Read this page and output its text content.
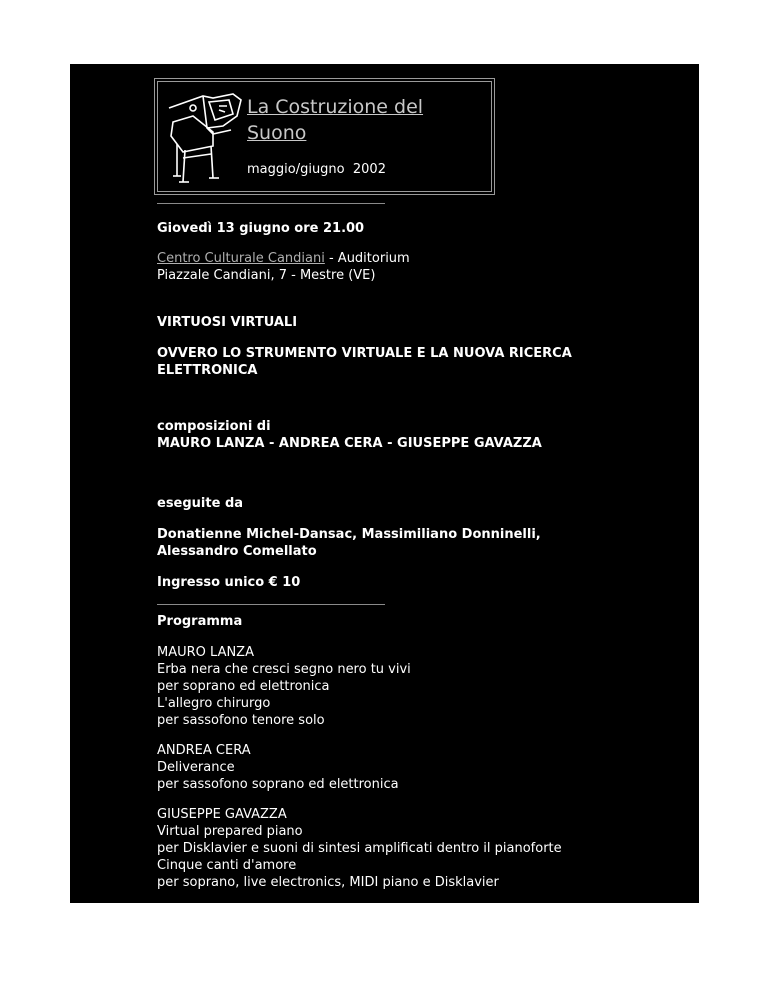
La Costruzione del
Suono
maggio/giugno  2002
Giovedì 13 giugno ore 21.00
Centro Culturale Candiani - Auditorium
Piazzale Candiani, 7 - Mestre (VE)
VIRTUOSI VIRTUALI
OVVERO LO STRUMENTO VIRTUALE E LA NUOVA RICERCA
ELETTRONICA
composizioni di
MAURO LANZA - ANDREA CERA - GIUSEPPE GAVAZZA
eseguite da
Donatienne Michel-Dansac, Massimiliano Donninelli,
Alessandro Comellato
Ingresso unico € 10
Programma
MAURO LANZA
Erba nera che cresci segno nero tu vivi
per soprano ed elettronica
L'allegro chirurgo
per sassofono tenore solo
ANDREA CERA
Deliverance
per sassofono soprano ed elettronica
GIUSEPPE GAVAZZA
Virtual prepared piano
per Disklavier e suoni di sintesi amplificati dentro il pianoforte
Cinque canti d'amore
per soprano, live electronics, MIDI piano e Disklavier
